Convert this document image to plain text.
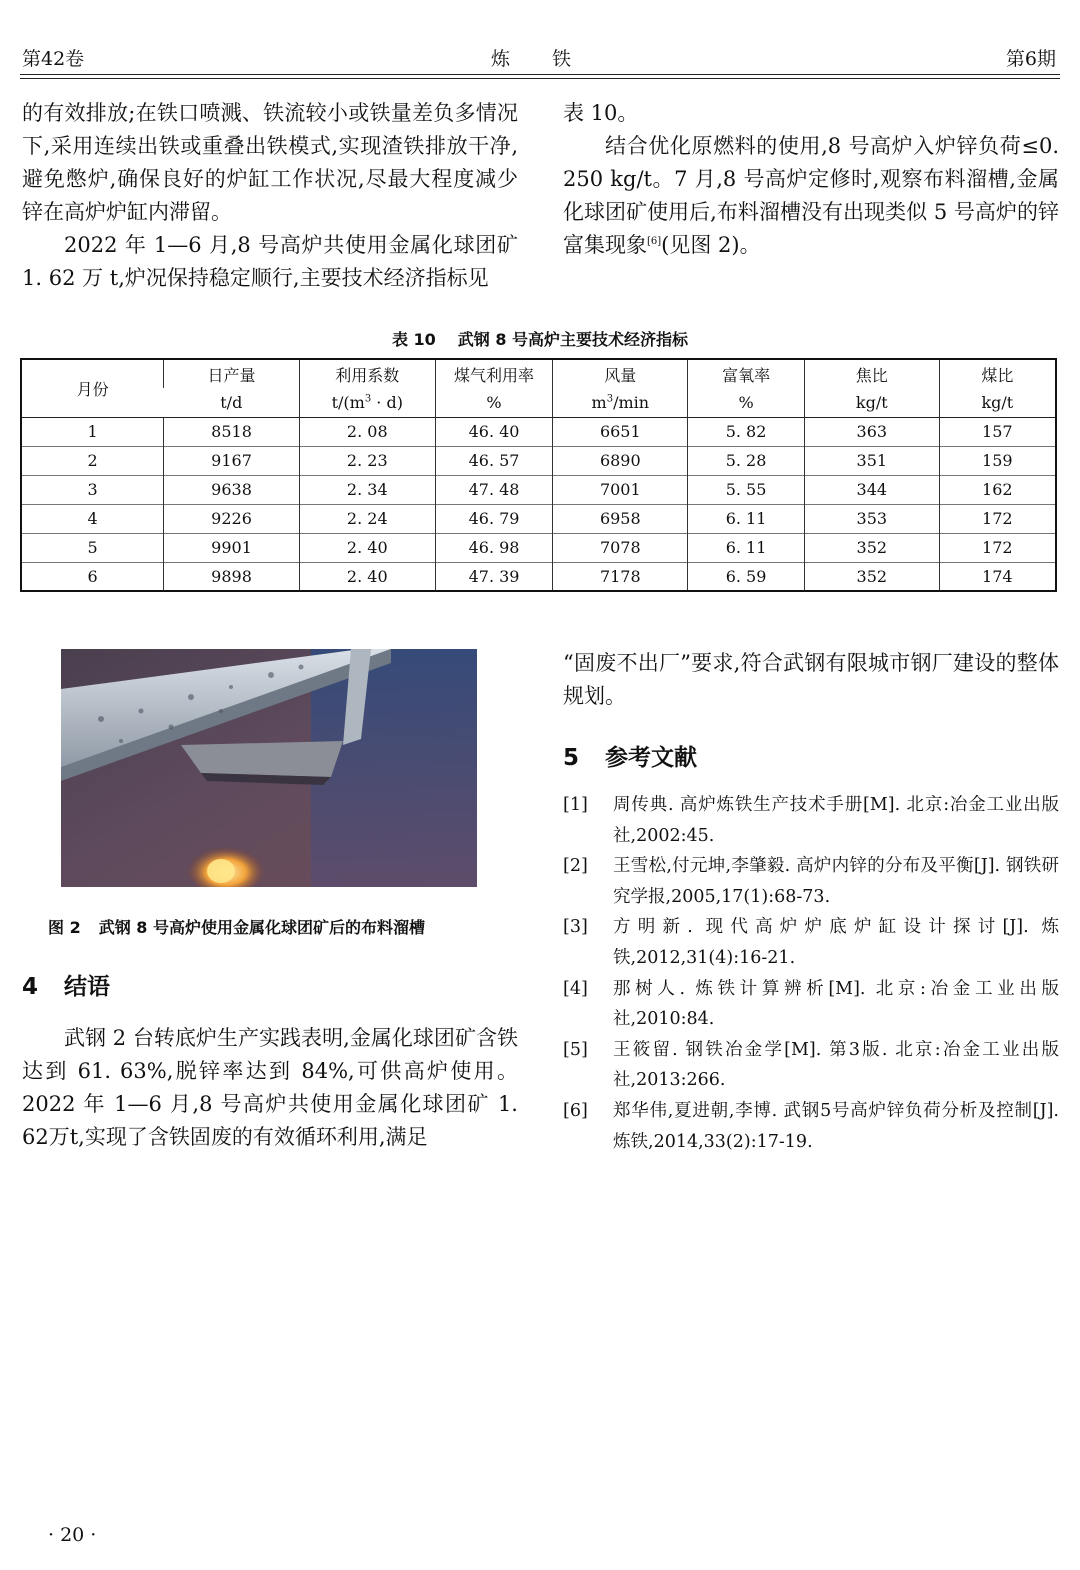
第42卷	炼 铁	第6期

的有效排放;在铁口喷溅、铁流较小或铁量差负多情况下,采用连续出铁或重叠出铁模式,实现渣铁排放干净,避免憋炉,确保良好的炉缸工作状况,尽最大程度减少锌在高炉炉缸内滞留。

2022 年 1—6 月,8 号高炉共使用金属化球团矿 1. 62 万 t,炉况保持稳定顺行,主要技术经济指标见

表 10。

结合优化原燃料的使用,8 号高炉入炉锌负荷≤0. 250 kg/t。7 月,8 号高炉定修时,观察布料溜槽,金属化球团矿使用后,布料溜槽没有出现类似 5 号高炉的锌富集现象[6](见图 2)。

表 10 武钢 8 号高炉主要技术经济指标
月份	日产量	利用系数	煤气利用率	风量	富氧率	焦比	煤比
	t/d	$t/(m^3 \cdot d)$	%	$m^3/\min$	%	kg/t	kg/t
1	8518	2. 08	46. 40	6651	5. 82	363	157
2	9167	2. 23	46. 57	6890	5. 28	351	159
3	9638	2. 34	47. 48	7001	5. 55	344	162
4	9226	2. 24	46. 79	6958	6. 11	353	172
5	9901	2. 40	46. 98	7078	6. 11	352	172
6	9898	2. 40	47. 39	7178	6. 59	352	174
图 2 武钢 8 号高炉使用金属化球团矿后的布料溜槽
4 结语

武钢 2 台转底炉生产实践表明,金属化球团矿含铁达到 61. 63%,脱锌率达到 84%,可供高炉使用。2022 年 1—6 月,8 号高炉共使用金属化球团矿 1. 62万t,实现了含铁固废的有效循环利用,满足

“固废不出厂”要求,符合武钢有限城市钢厂建设的整体规划。

5 参考文献
[1] 周传典. 高炉炼铁生产技术手册[M]. 北京:冶金工业出版社,2002:45.
[2] 王雪松,付元坤,李肇毅. 高炉内锌的分布及平衡[J]. 钢铁研究学报,2005,17(1):68-73.
[3] 方明新. 现代高炉炉底炉缸设计探讨[J]. 炼铁,2012,31(4):16-21.
[4] 那树人. 炼铁计算辨析[M]. 北京:冶金工业出版社,2010:84.
[5] 王筱留. 钢铁冶金学[M]. 第3版. 北京:冶金工业出版社,2013:266.
[6] 郑华伟,夏进朝,李博. 武钢5号高炉锌负荷分析及控制[J]. 炼铁,2014,33(2):17-19.
· 20 ·
